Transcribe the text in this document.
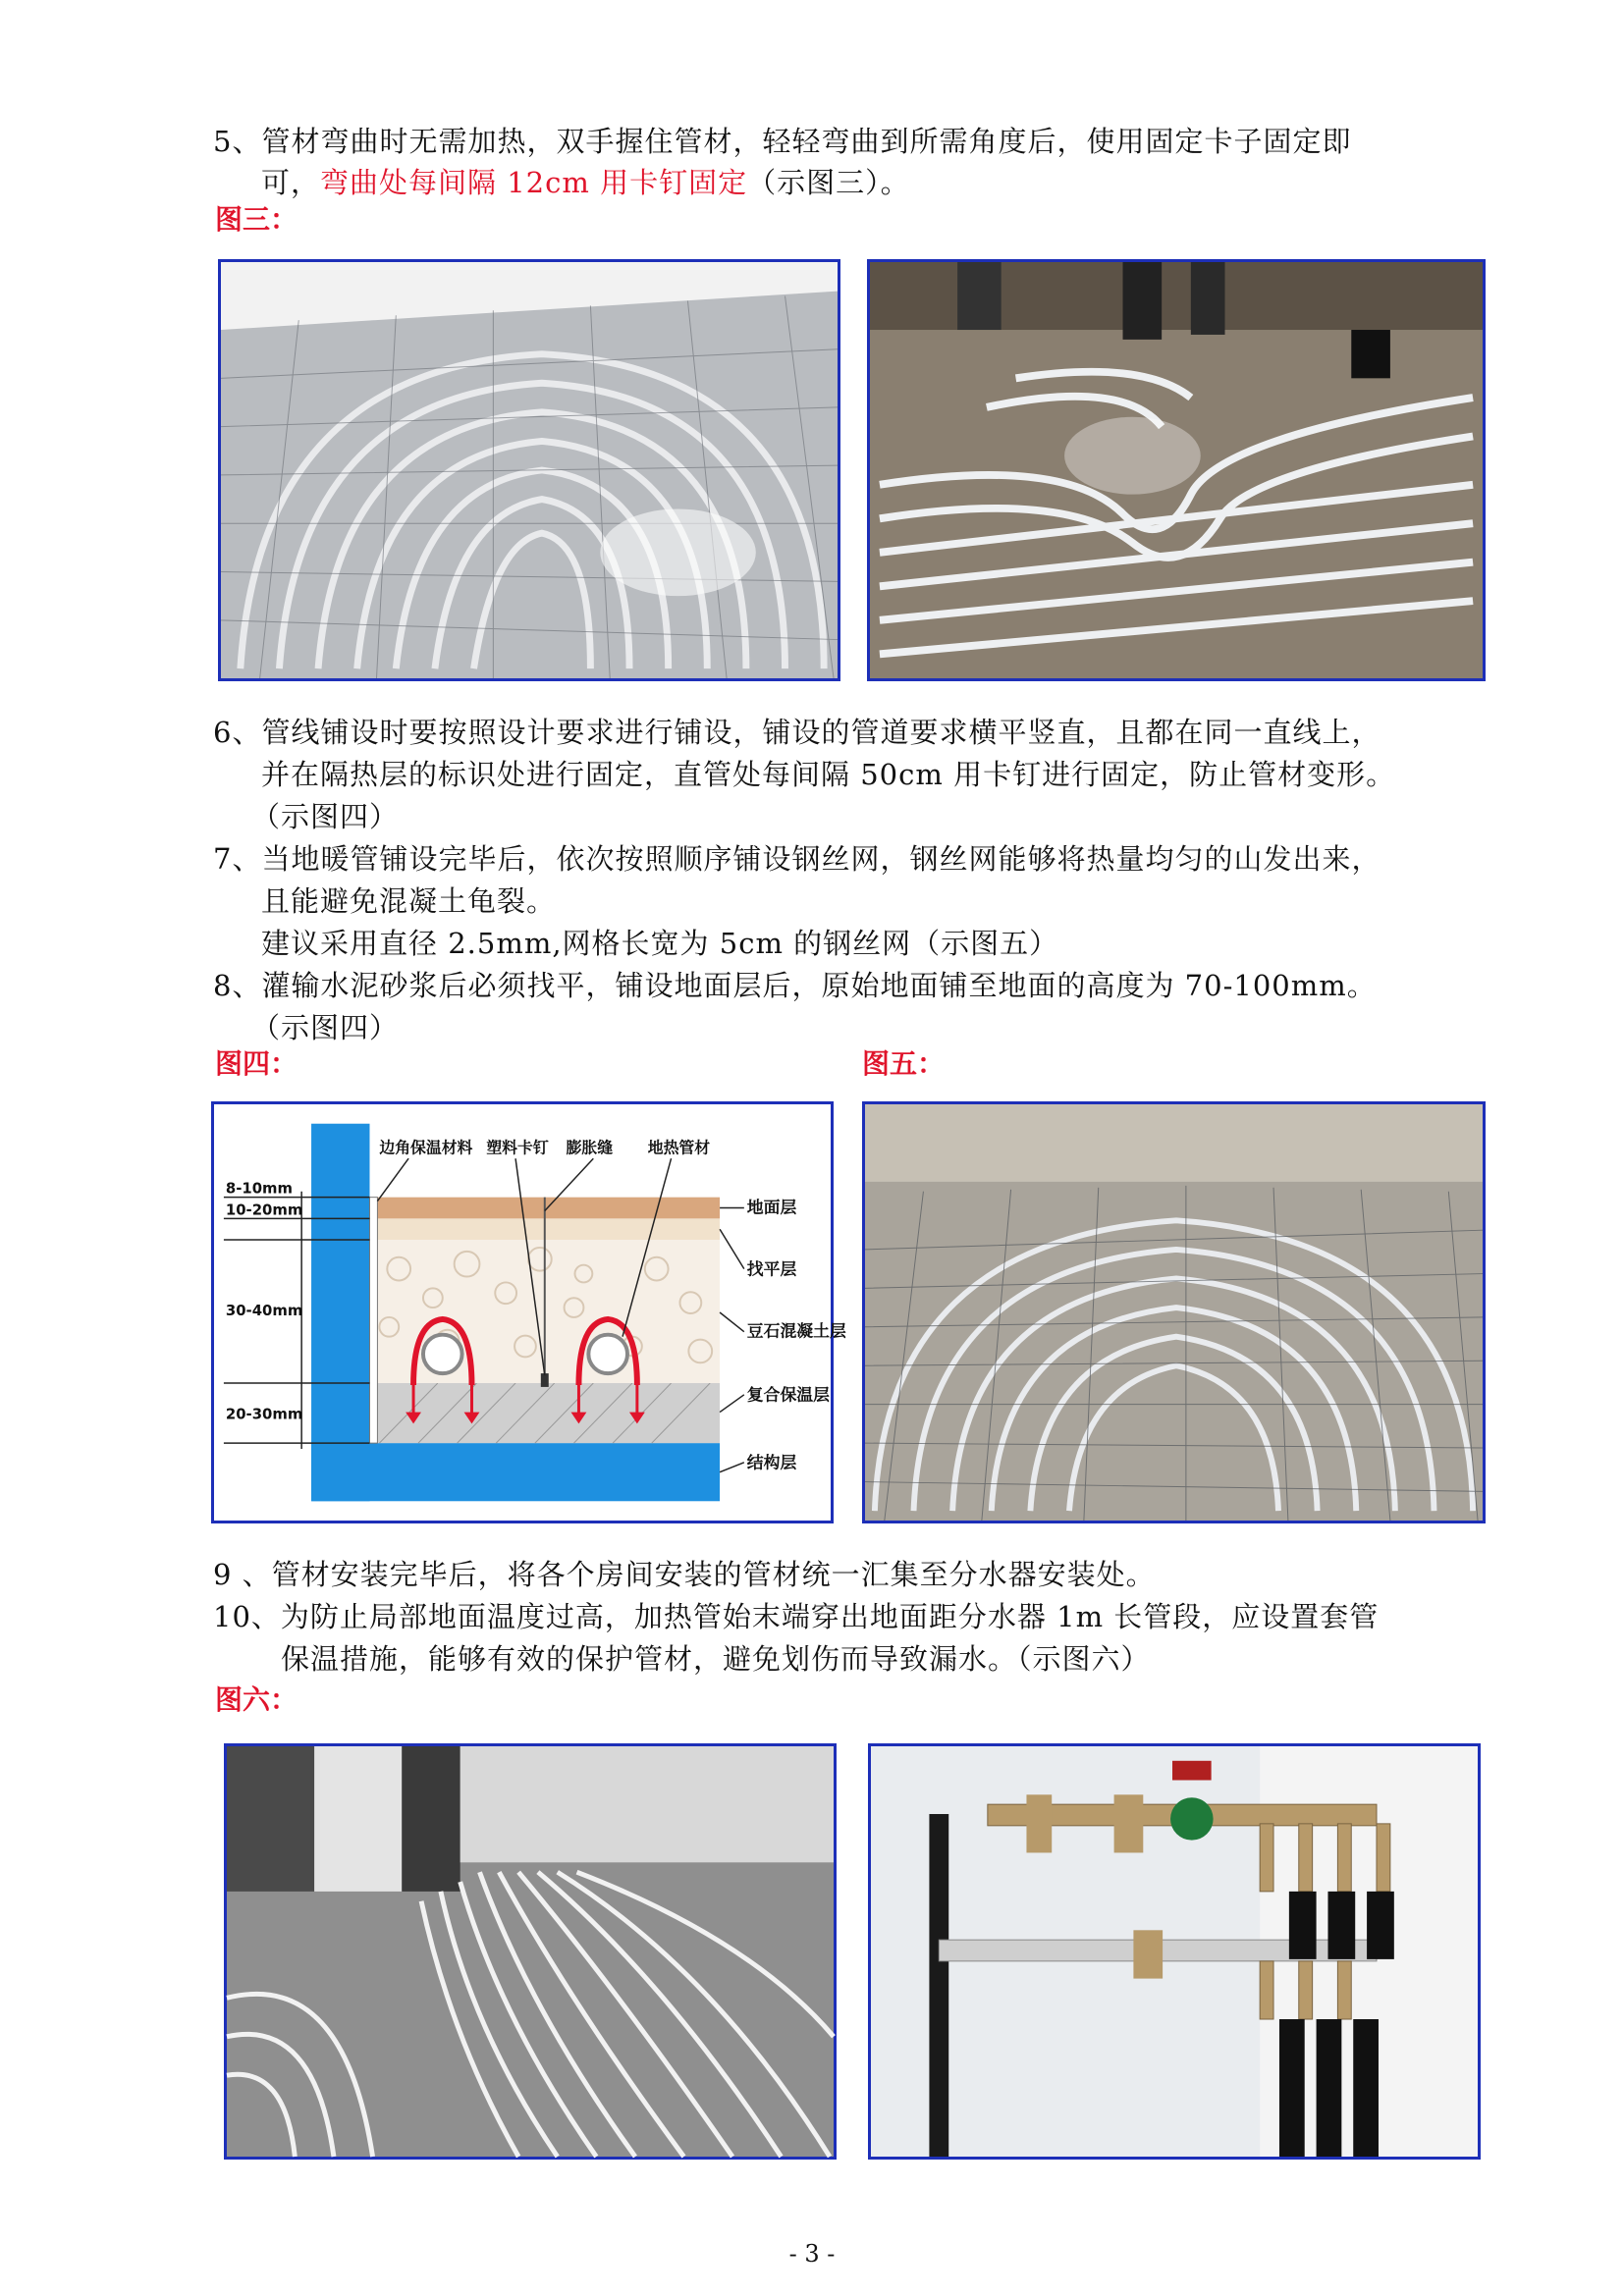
5、管材弯曲时无需加热，双手握住管材，轻轻弯曲到所需角度后，使用固定卡子固定即
可，弯曲处每间隔 12cm 用卡钉固定（示图三）。
图三：
6、管线铺设时要按照设计要求进行铺设，铺设的管道要求横平竖直，且都在同一直线上，
并在隔热层的标识处进行固定，直管处每间隔 50cm 用卡钉进行固定，防止管材变形。
（示图四）
7、当地暖管铺设完毕后，依次按照顺序铺设钢丝网，钢丝网能够将热量均匀的山发出来，
且能避免混凝土龟裂。
建议采用直径 2.5mm,网格长宽为 5cm 的钢丝网（示图五）
8、灌输水泥砂浆后必须找平，铺设地面层后，原始地面铺至地面的高度为 70-100mm。
（示图四）
图四：	图五：
8-10mm
10-20mm
30-40mm
20-30mm
边角保温材料 塑料卡钉 膨胀缝 地热管材
地面层
找平层
豆石混凝土层
复合保温层
结构层
9 、管材安装完毕后，将各个房间安装的管材统一汇集至分水器安装处。
10、为防止局部地面温度过高，加热管始末端穿出地面距分水器 1m 长管段，应设置套管
保温措施，能够有效的保护管材，避免划伤而导致漏水。（示图六）
图六：
- 3 -
